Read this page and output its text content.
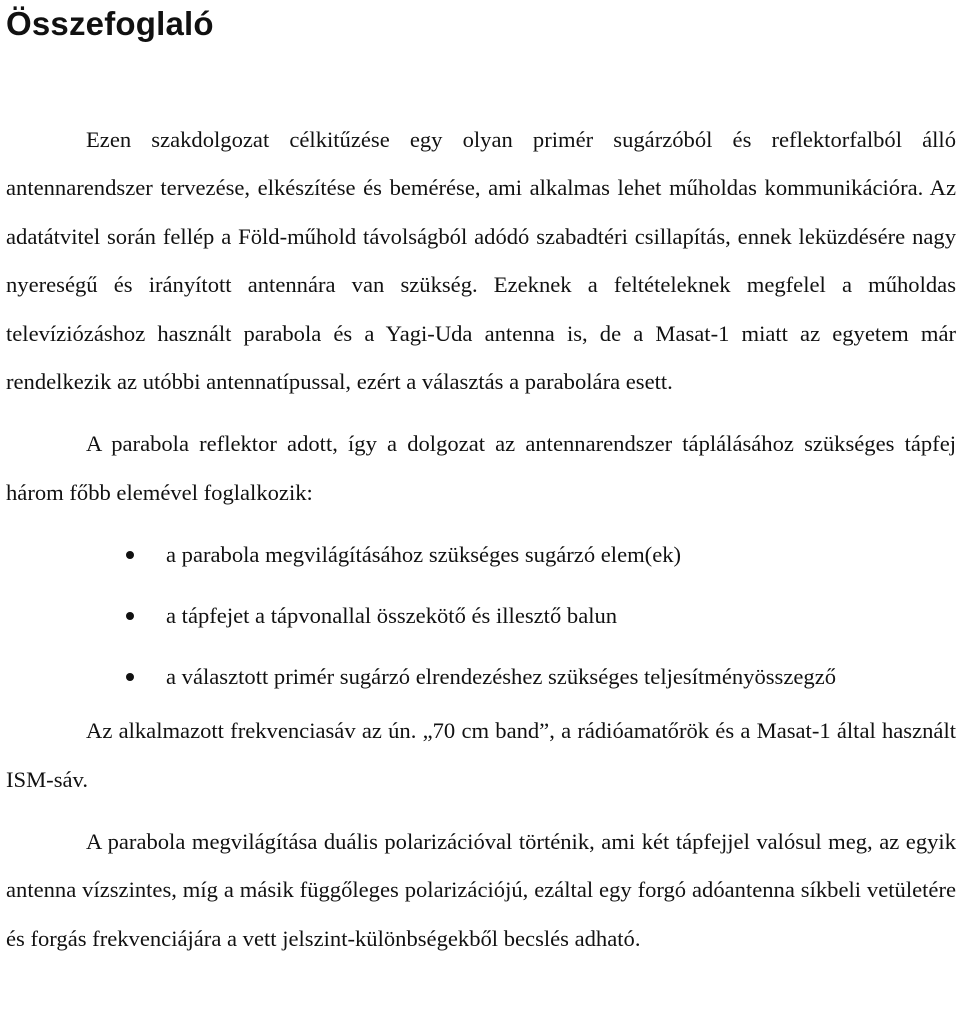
Összefoglaló

Ezen szakdolgozat célkitűzése egy olyan primér sugárzóból és reflektorfalból álló antennarendszer tervezése, elkészítése és bemérése, ami alkalmas lehet műholdas kommunikációra. Az adatátvitel során fellép a Föld-műhold távolságból adódó szabadtéri csillapítás, ennek leküzdésére nagy nyereségű és irányított antennára van szükség. Ezeknek a feltételeknek megfelel a műholdas televíziózáshoz használt parabola és a Yagi-Uda antenna is, de a Masat-1 miatt az egyetem már rendelkezik az utóbbi antennatípussal, ezért a választás a parabolára esett.

A parabola reflektor adott, így a dolgozat az antennarendszer táplálásához szükséges tápfej három főbb elemével foglalkozik:

a parabola megvilágításához szükséges sugárzó elem(ek)
a tápfejet a tápvonallal összekötő és illesztő balun
a választott primér sugárzó elrendezéshez szükséges teljesítményösszegző

Az alkalmazott frekvenciasáv az ún. „70 cm band”, a rádióamatőrök és a Masat-1 által használt ISM-sáv.

A parabola megvilágítása duális polarizációval történik, ami két tápfejjel valósul meg, az egyik antenna vízszintes, míg a másik függőleges polarizációjú, ezáltal egy forgó adóantenna síkbeli vetületére és forgás frekvenciájára a vett jelszint-különbségekből becslés adható.
